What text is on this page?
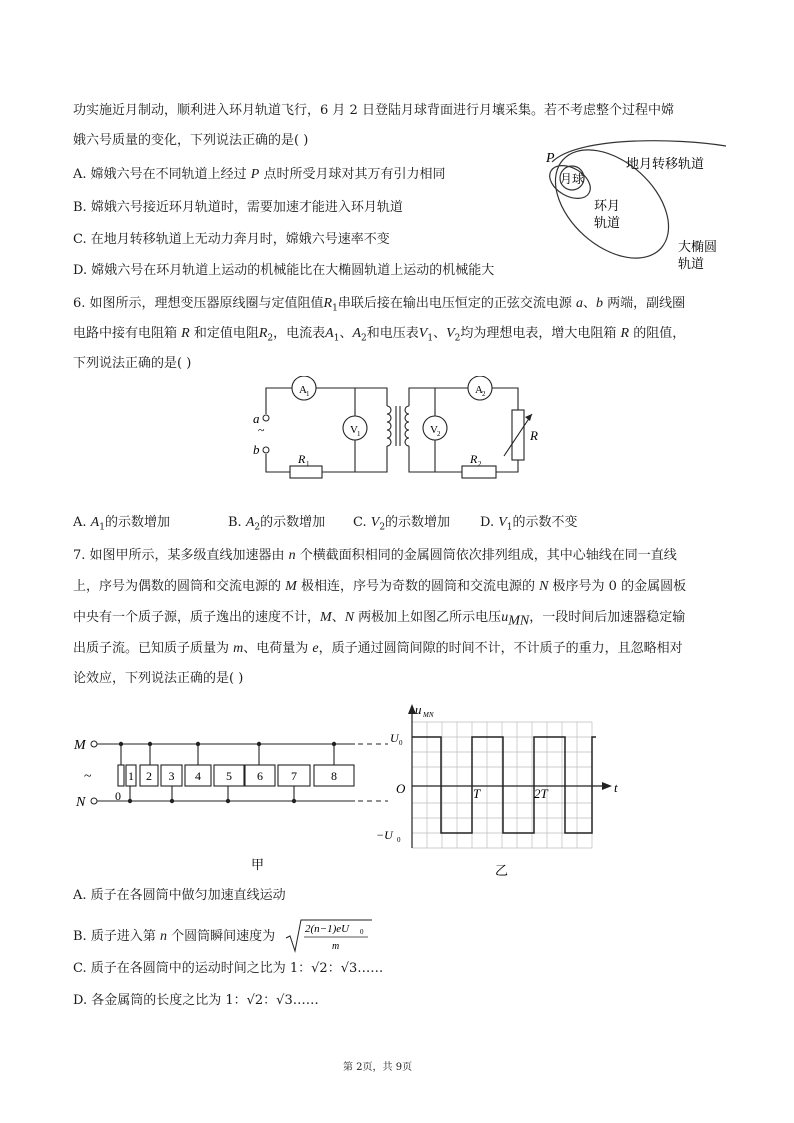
功实施近月制动，顺利进入环月轨道飞行，6 月 2 日登陆月球背面进行月壤采集。若不考虑整个过程中嫦
娥六号质量的变化，下列说法正确的是( )
A. 嫦娥六号在不同轨道上经过 P 点时所受月球对其万有引力相同
B. 嫦娥六号接近环月轨道时，需要加速才能进入环月轨道
C. 在地月转移轨道上无动力奔月时，嫦娥六号速率不变
D. 嫦娥六号在环月轨道上运动的机械能比在大椭圆轨道上运动的机械能大
P
月球
环月
轨道
地月转移轨道
大椭圆
轨道
6. 如图所示，理想变压器原线圈与定值阻值$R_1$串联后接在输出电压恒定的正弦交流电源 a、b 两端，副线圈
电路中接有电阻箱 R 和定值电阻$R_2$，电流表$A_1$、$A_2$和电压表$V_1$、$V_2$均为理想电表，增大电阻箱 R 的阻值，
下列说法正确的是( )
~
a
b
A 1	A 2
V 1	V 2
R 1	R 2
R
A. $A_1$的示数增加	B. $A_2$的示数增加 C. $V_2$的示数增加 D. $V_1$的示数不变
7. 如图甲所示，某多级直线加速器由 n 个横截面积相同的金属圆筒依次排列组成，其中心轴线在同一直线
上，序号为偶数的圆筒和交流电源的 M 极相连，序号为奇数的圆筒和交流电源的 N 极序号为 0 的金属圆板
中央有一个质子源，质子逸出的速度不计，M、N 两极加上如图乙所示电压$u_{MN}$，一段时间后加速器稳定输
出质子流。已知质子质量为 m、电荷量为 e，质子通过圆筒间隙的时间不计，不计质子的重力，且忽略相对
论效应，下列说法正确的是( )
M
N
~
0
1 2 3 4 5 6 7	8
甲
u MN
U 0
−U 0
O	T	2T	t
乙
A. 质子在各圆筒中做匀加速直线运动
B. 质子进入第 n 个圆筒瞬间速度为	2(n−1)eU 0
m
C. 质子在各圆筒中的运动时间之比为 1：√2：√3……
D. 各金属筒的长度之比为 1：√2：√3……
第 2页，共 9页
